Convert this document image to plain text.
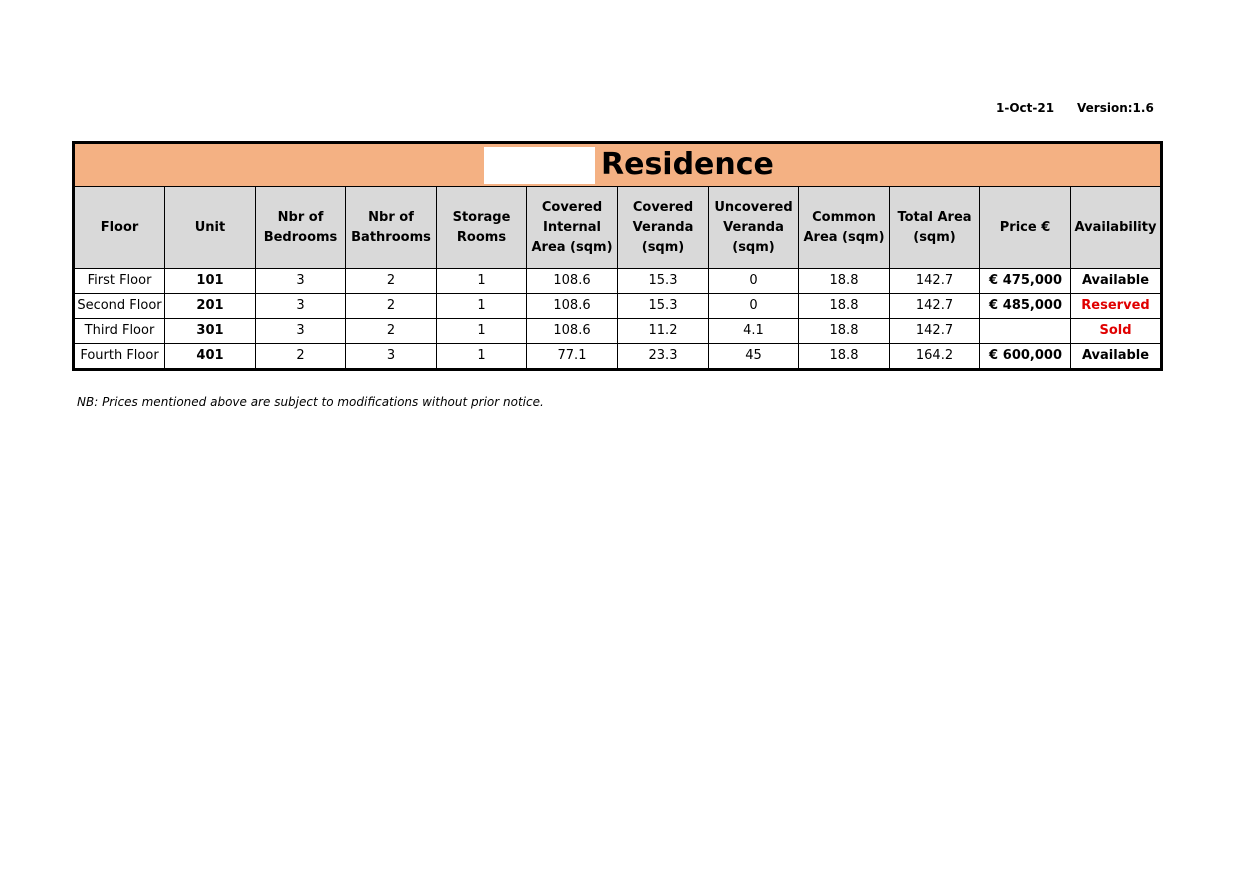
1-Oct-21 Version:1.6
Residence											

Floor	Unit	Nbr of Bedrooms	Nbr of Bathrooms	Storage Rooms	Covered Internal Area (sqm)	Covered Veranda (sqm)	Uncovered Veranda (sqm)	Common Area (sqm)	Total Area (sqm)	Price €	Availability
First Floor	101	3	2	1	108.6	15.3	0	18.8	142.7	€ 475,000	Available
Second Floor	201	3	2	1	108.6	15.3	0	18.8	142.7	€ 485,000	Reserved
Third Floor	301	3	2	1	108.6	11.2	4.1	18.8	142.7		Sold
Fourth Floor	401	2	3	1	77.1	23.3	45	18.8	164.2	€ 600,000	Available
NB: Prices mentioned above are subject to modifications without prior notice.
